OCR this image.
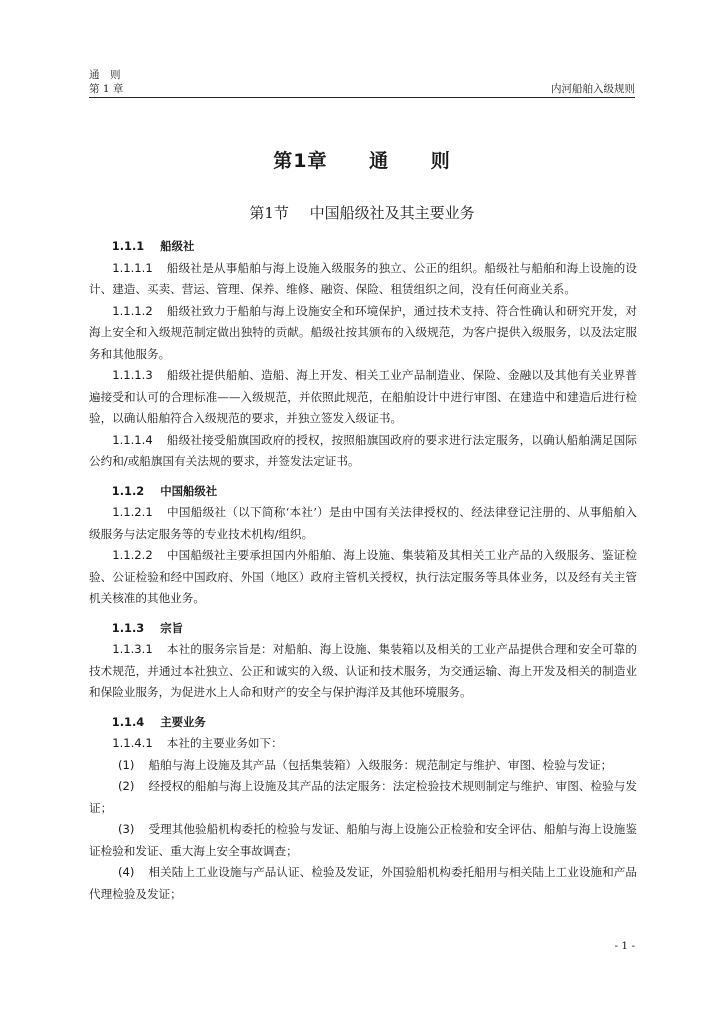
通　则
第 1 章	内河船舶入级规则
第1章 通 则
第1节 中国船级社及其主要业务

1.1.1 船级社

1.1.1.1 船级社是从事船舶与海上设施入级服务的独立、公正的组织。船级社与船舶和海上设施的设计、建造、买卖、营运、管理、保养、维修、融资、保险、租赁组织之间，没有任何商业关系。

1.1.1.2 船级社致力于船舶与海上设施安全和环境保护，通过技术支持、符合性确认和研究开发，对海上安全和入级规范制定做出独特的贡献。船级社按其颁布的入级规范，为客户提供入级服务，以及法定服务和其他服务。

1.1.1.3 船级社提供船舶、造船、海上开发、相关工业产品制造业、保险、金融以及其他有关业界普遍接受和认可的合理标准——入级规范，并依照此规范，在船舶设计中进行审图、在建造中和建造后进行检验，以确认船舶符合入级规范的要求，并独立签发入级证书。

1.1.1.4 船级社接受船旗国政府的授权，按照船旗国政府的要求进行法定服务，以确认船舶满足国际公约和/或船旗国有关法规的要求，并签发法定证书。

1.1.2 中国船级社

1.1.2.1 中国船级社（以下简称‘本社’）是由中国有关法律授权的、经法律登记注册的、从事船舶入级服务与法定服务等的专业技术机构/组织。

1.1.2.2 中国船级社主要承担国内外船舶、海上设施、集装箱及其相关工业产品的入级服务、鉴证检验、公证检验和经中国政府、外国（地区）政府主管机关授权，执行法定服务等具体业务，以及经有关主管机关核准的其他业务。

1.1.3 宗旨

1.1.3.1 本社的服务宗旨是：对船舶、海上设施、集装箱以及相关的工业产品提供合理和安全可靠的技术规范，并通过本社独立、公正和诚实的入级、认证和技术服务，为交通运输、海上开发及相关的制造业和保险业服务，为促进水上人命和财产的安全与保护海洋及其他环境服务。

1.1.4 主要业务

1.1.4.1 本社的主要业务如下：

(1) 船舶与海上设施及其产品（包括集装箱）入级服务：规范制定与维护、审图、检验与发证；

(2) 经授权的船舶与海上设施及其产品的法定服务：法定检验技术规则制定与维护、审图、检验与发证；

(3) 受理其他验船机构委托的检验与发证、船舶与海上设施公正检验和安全评估、船舶与海上设施鉴证检验和发证、重大海上安全事故调查；

(4) 相关陆上工业设施与产品认证、检验及发证，外国验船机构委托船用与相关陆上工业设施和产品代理检验及发证；

- 1 -
